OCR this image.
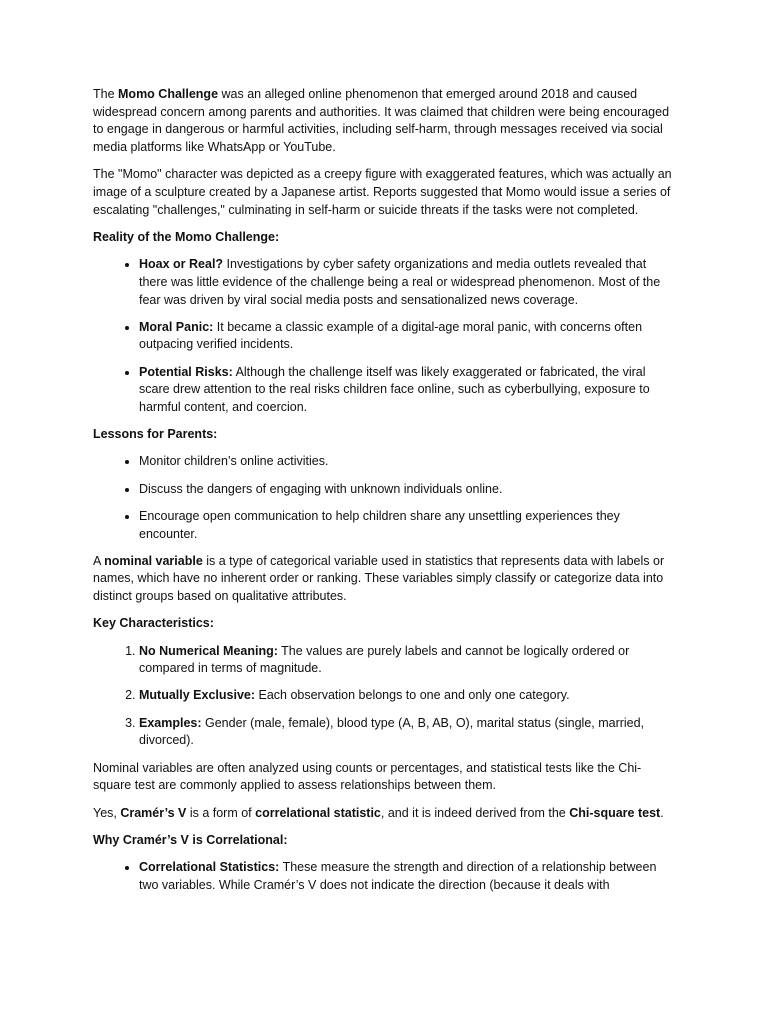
The Momo Challenge was an alleged online phenomenon that emerged around 2018 and caused widespread concern among parents and authorities. It was claimed that children were being encouraged to engage in dangerous or harmful activities, including self-harm, through messages received via social media platforms like WhatsApp or YouTube.

The "Momo" character was depicted as a creepy figure with exaggerated features, which was actually an image of a sculpture created by a Japanese artist. Reports suggested that Momo would issue a series of escalating "challenges," culminating in self-harm or suicide threats if the tasks were not completed.

Reality of the Momo Challenge:

• Hoax or Real? Investigations by cyber safety organizations and media outlets revealed that there was little evidence of the challenge being a real or widespread phenomenon. Most of the fear was driven by viral social media posts and sensationalized news coverage.
• Moral Panic: It became a classic example of a digital-age moral panic, with concerns often outpacing verified incidents.
• Potential Risks: Although the challenge itself was likely exaggerated or fabricated, the viral scare drew attention to the real risks children face online, such as cyberbullying, exposure to harmful content, and coercion.

Lessons for Parents:

• Monitor children’s online activities.
• Discuss the dangers of engaging with unknown individuals online.
• Encourage open communication to help children share any unsettling experiences they encounter.

A nominal variable is a type of categorical variable used in statistics that represents data with labels or names, which have no inherent order or ranking. These variables simply classify or categorize data into distinct groups based on qualitative attributes.

Key Characteristics:

1. No Numerical Meaning: The values are purely labels and cannot be logically ordered or compared in terms of magnitude.
2. Mutually Exclusive: Each observation belongs to one and only one category.
3. Examples: Gender (male, female), blood type (A, B, AB, O), marital status (single, married, divorced).

Nominal variables are often analyzed using counts or percentages, and statistical tests like the Chi-square test are commonly applied to assess relationships between them.

Yes, Cramér’s V is a form of correlational statistic, and it is indeed derived from the Chi-square test.

Why Cramér’s V is Correlational:

• Correlational Statistics: These measure the strength and direction of a relationship between two variables. While Cramér’s V does not indicate the direction (because it deals with
